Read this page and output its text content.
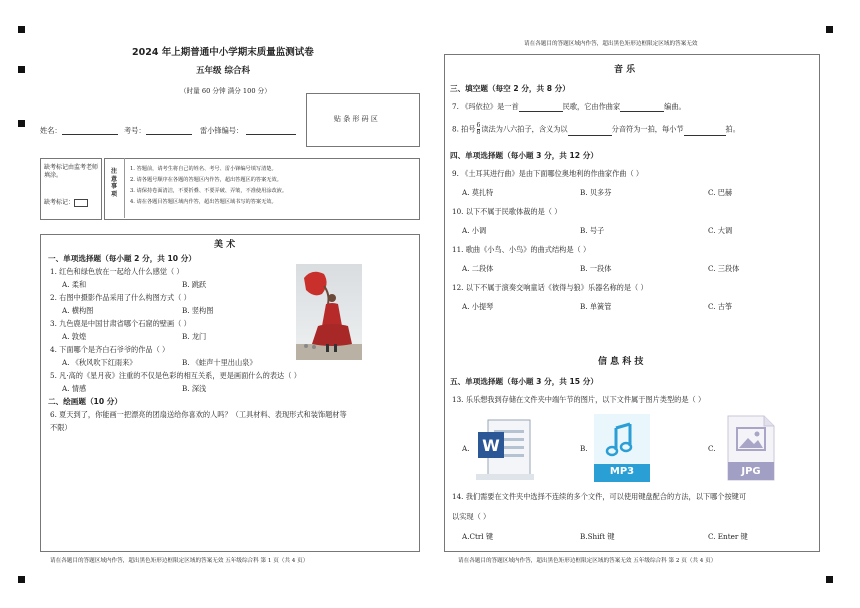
2024 年上期普通中小学期末质量监测试卷
五年级 综合科
（时量 60 分钟 满分 100 分）
贴 条 形 码 区
姓名：	考号：	雷小锋编号：
缺考标记由监考老师填涂。
缺考标记：
注意事项
1. 答题前，请考生将自己的姓名、考号、雷小锋编号填写清楚。
2. 请各题号顺序在各题的答题区内作答，超出答题区的答案无效。
3. 请保持卷面清洁，不要折叠、不要弄破、弄皱，不准使用涂改液。
4. 请在各题目答题区域内作答，超出答题区域书写的答案无效。
美 术
一、单项选择题（每小题 2 分，共 10 分）
1. 红色和绿色放在一起给人什么感觉（ ）
A. 柔和	B. 跳跃
2. 右图中摄影作品采用了什么构图方式（ ）
A. 横构图	B. 竖构图
3. 九色鹿是中国甘肃省哪个石窟的壁画（ ）
A. 敦煌	B. 龙门
4. 下面哪个是齐白石爷爷的作品（ ）
A. 《秋风吹下红雨来》	B. 《蛙声十里出山泉》
5. 凡·高的《星月夜》注重的不仅是色彩的相互关系，更是画面什么的表达（ ）
A. 情感	B. 深浅
二、绘画题（10 分）
6. 夏天到了，你能画一把漂亮的团扇送给你喜欢的人吗？（工具材料、表现形式和装饰题材等
不限）
请在各题目的答题区域内作答，超出黑色矩形边框限定区域的答案无效 五年级综合科 第 1 页（共 4 页）
请在各题目的答题区域内作答，超出黑色矩形边框限定区域的答案无效
音 乐
三、填空题（每空 2 分，共 8 分）
7. 《玛依拉》是一首	民歌，它由作曲家	编曲。
8. 拍号 $\frac{6}{8}$ 读法为八六拍子，含义为以	分音符为一拍，每小节	拍。
四、单项选择题（每小题 3 分，共 12 分）
9. 《土耳其进行曲》是由下面哪位奥地利的作曲家作曲（ ）
A. 莫扎特	B. 贝多芬	C. 巴赫
10. 以下不属于民歌体裁的是（ ）
A. 小调	B. 号子	C. 大调
11. 歌曲《小鸟、小鸟》的曲式结构是（ ）
A. 二段体	B. 一段体	C. 三段体
12. 以下不属于演奏交响童话《彼得与狼》乐器名称的是（ ）
A. 小提琴	B. 单簧管	C. 古筝
信 息 科 技
五、单项选择题（每小题 3 分，共 15 分）
13. 乐乐想我到存储在文件夹中端午节的图片，以下文件属于图片类型的是（ ）
A. W	B.
MP3
C.
JPG
14. 我们需要在文件夹中选择不连续的多个文件，可以使用键盘配合的方法，以下哪个按键可
以实现（ ）
A.Ctrl 键	B.Shift 键	C. Enter 键
请在各题目的答题区域内作答，超出黑色矩形边框限定区域的答案无效 五年级综合科 第 2 页（共 4 页）
